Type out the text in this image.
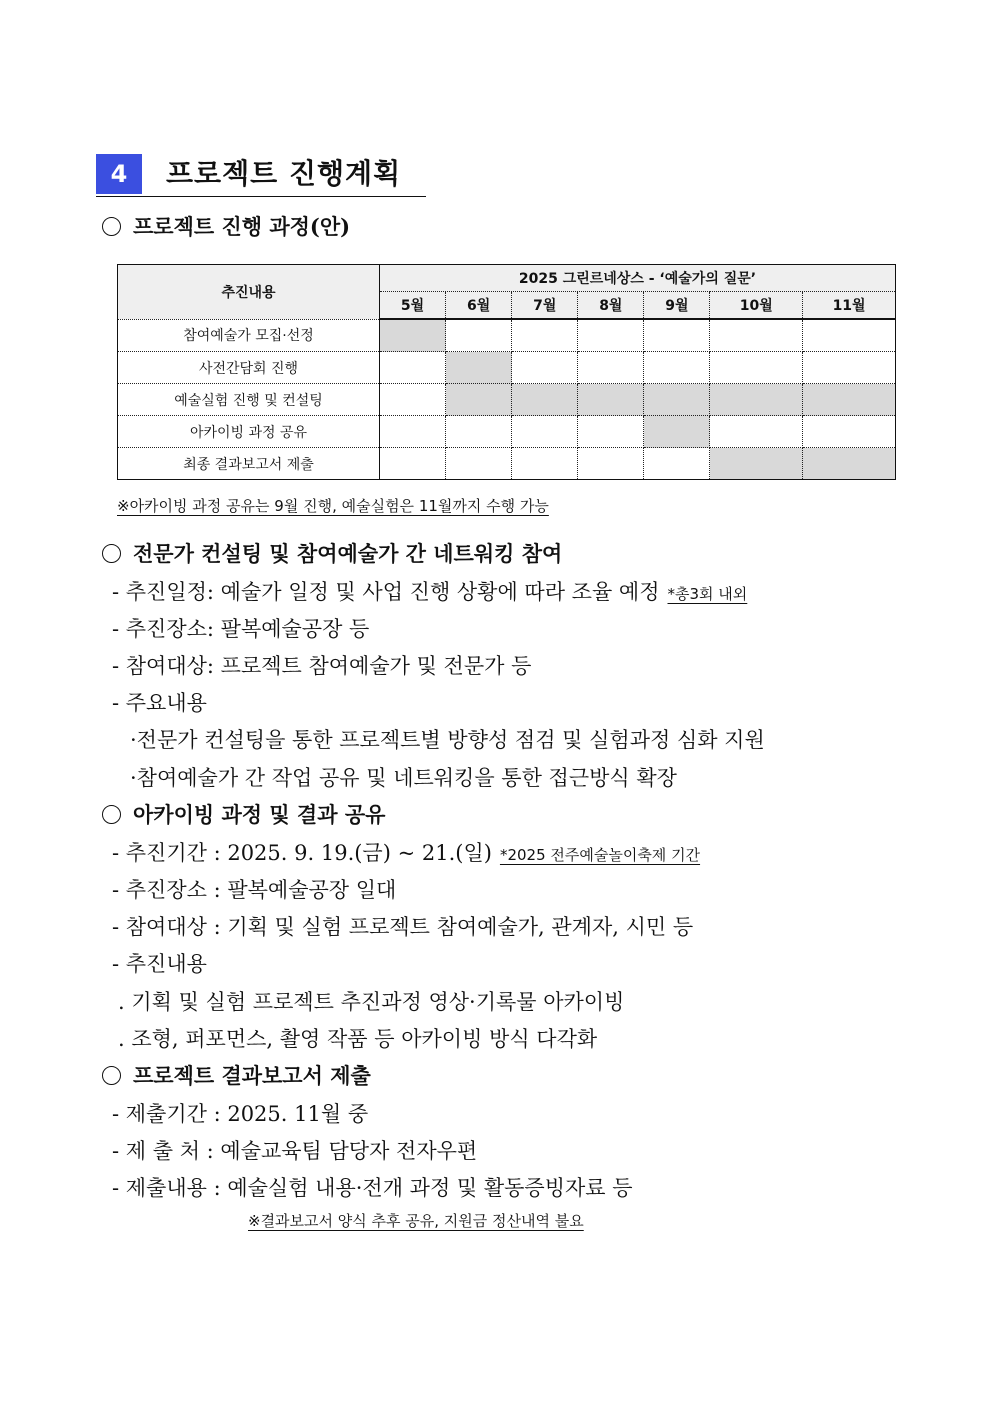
4	프로젝트 진행계획
프로젝트 진행 과정(안)
추진내용	2025 그린르네상스 - ‘예술가의 질문’						
	5월	6월	7월	8월	9월	10월	11월
참여예술가 모집·선정							
사전간담회 진행							
예술실험 진행 및 컨설팅							
아카이빙 과정 공유							
최종 결과보고서 제출							
※아카이빙 과정 공유는 9월 진행, 예술실험은 11월까지 수행 가능
전문가 컨설팅 및 참여예술가 간 네트워킹 참여
- 추진일정: 예술가 일정 및 사업 진행 상황에 따라 조율 예정 *총3회 내외
- 추진장소: 팔복예술공장 등
- 참여대상: 프로젝트 참여예술가 및 전문가 등
- 주요내용
·전문가 컨설팅을 통한 프로젝트별 방향성 점검 및 실험과정 심화 지원
·참여예술가 간 작업 공유 및 네트워킹을 통한 접근방식 확장
아카이빙 과정 및 결과 공유
- 추진기간 : 2025. 9. 19.(금) ~ 21.(일) *2025 전주예술놀이축제 기간
- 추진장소 : 팔복예술공장 일대
- 참여대상 : 기획 및 실험 프로젝트 참여예술가, 관계자, 시민 등
- 추진내용
. 기획 및 실험 프로젝트 추진과정 영상·기록물 아카이빙
. 조형, 퍼포먼스, 촬영 작품 등 아카이빙 방식 다각화
프로젝트 결과보고서 제출
- 제출기간 : 2025. 11월 중
- 제 출 처 : 예술교육팀 담당자 전자우편
- 제출내용 : 예술실험 내용·전개 과정 및 활동증빙자료 등
※결과보고서 양식 추후 공유, 지원금 정산내역 불요
